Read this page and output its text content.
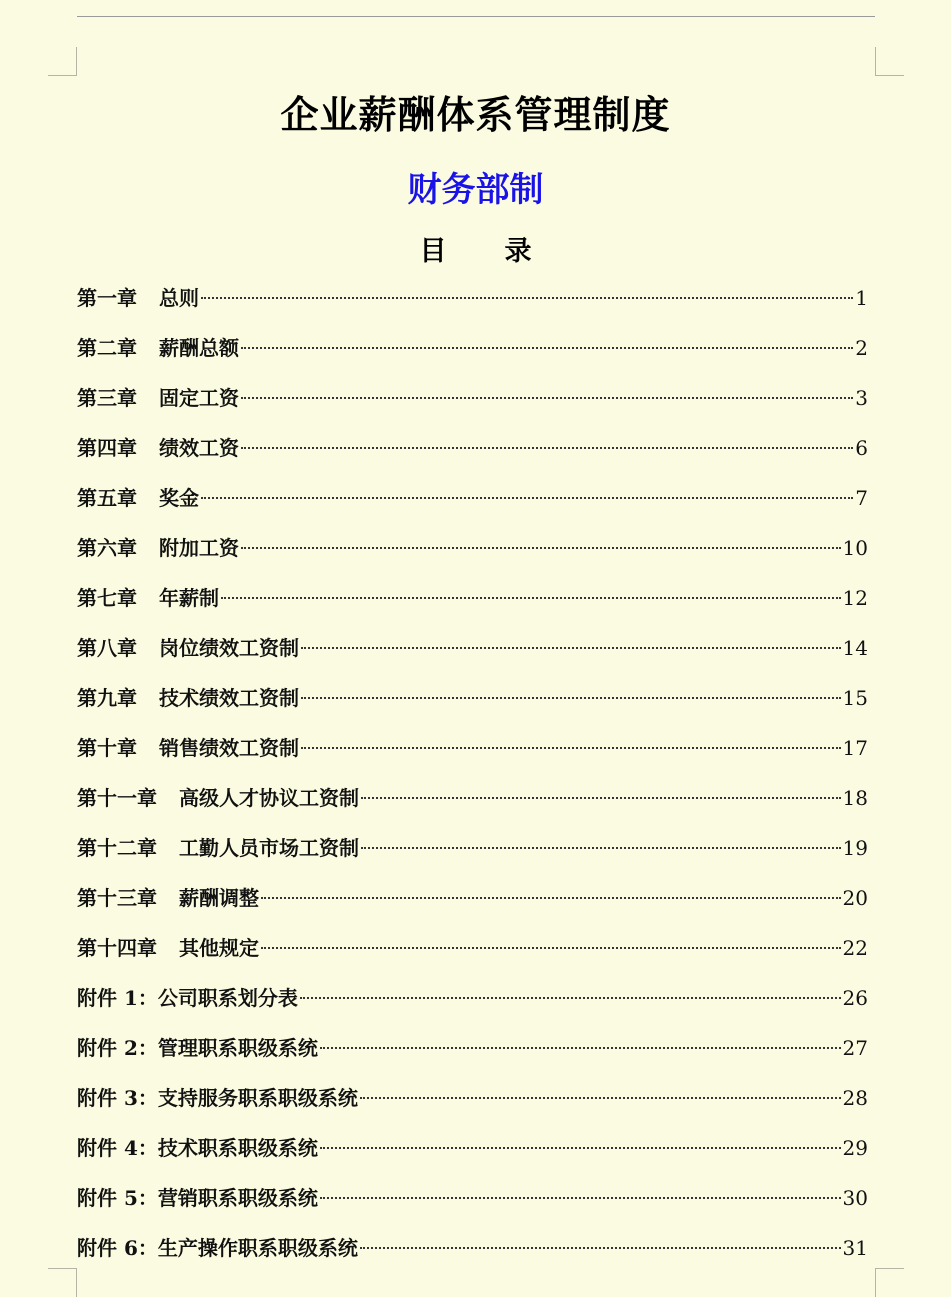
企业薪酬体系管理制度
财务部制
目 录
第一章 总则	1
第二章 薪酬总额	2
第三章 固定工资	3
第四章 绩效工资	6
第五章 奖金	7
第六章 附加工资	10
第七章 年薪制	12
第八章 岗位绩效工资制	14
第九章 技术绩效工资制	15
第十章 销售绩效工资制	17
第十一章 高级人才协议工资制	18
第十二章 工勤人员市场工资制	19
第十三章 薪酬调整	20
第十四章 其他规定	22
附件 1：公司职系划分表	26
附件 2：管理职系职级系统	27
附件 3：支持服务职系职级系统	28
附件 4：技术职系职级系统	29
附件 5：营销职系职级系统	30
附件 6：生产操作职系职级系统	31
